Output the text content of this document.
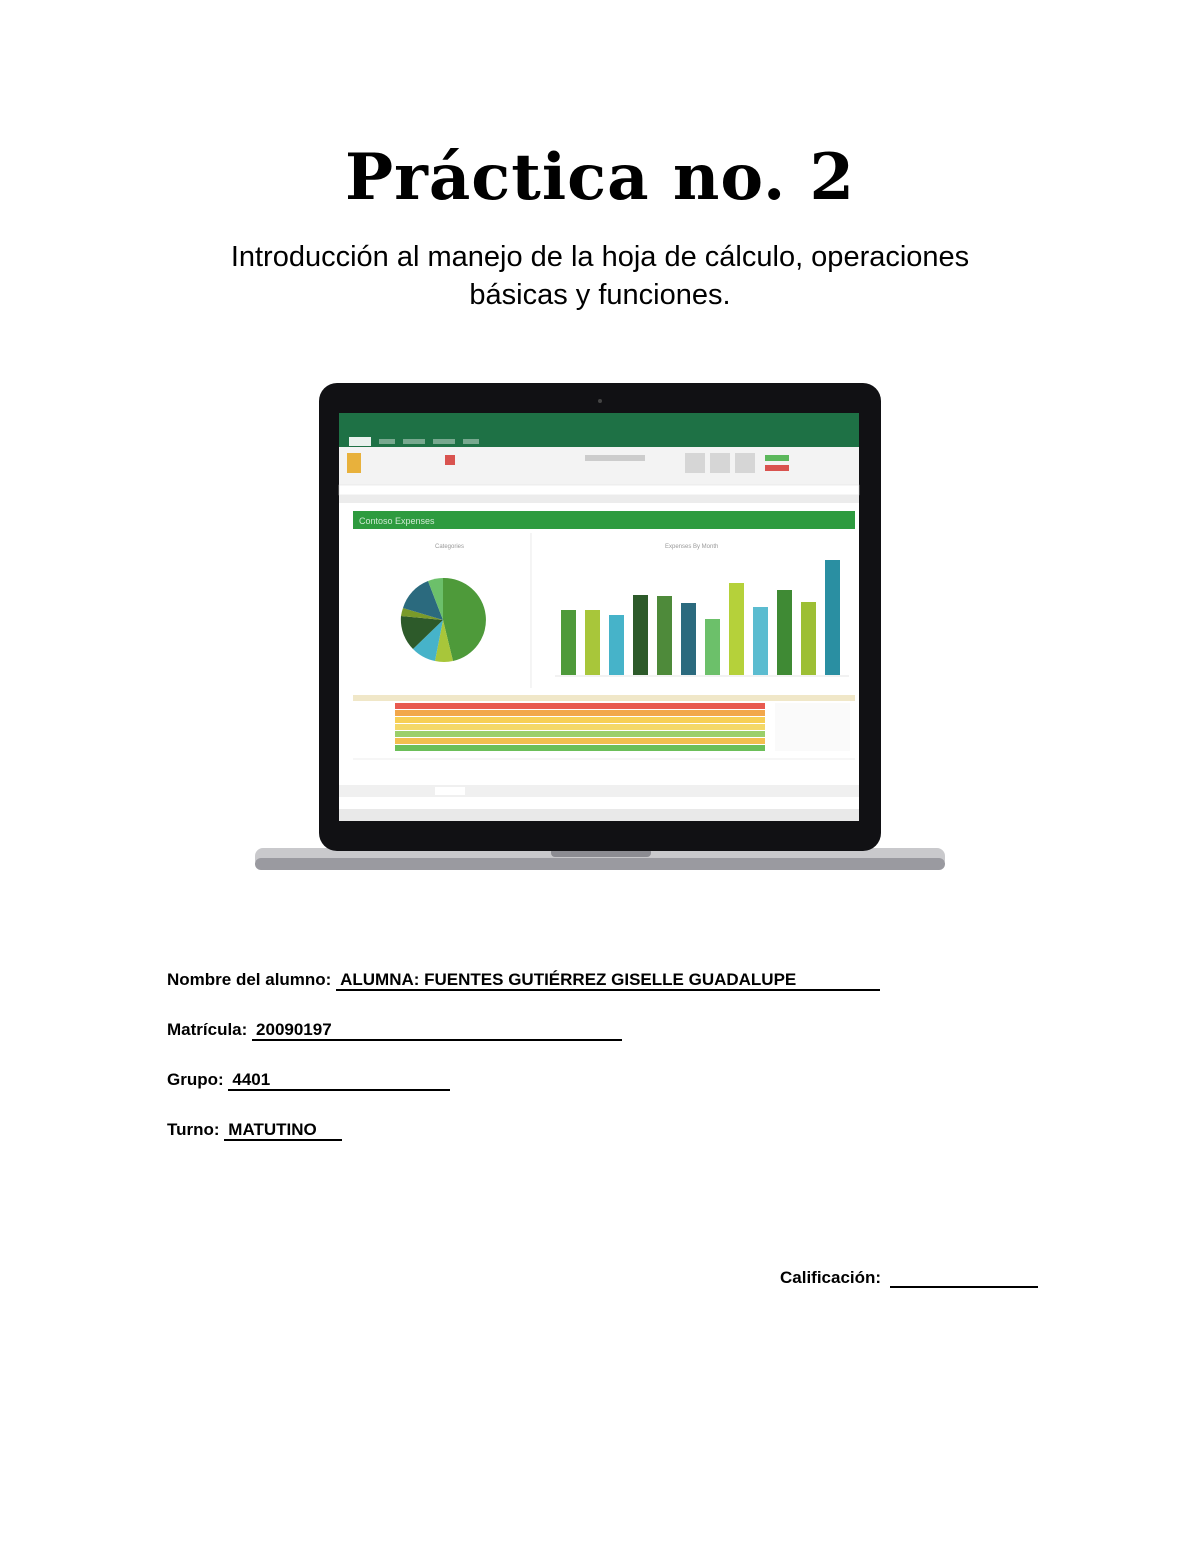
Práctica no. 2
Introducción al manejo de la hoja de cálculo, operaciones
básicas y funciones.
Contoso Expenses
Categories	Expenses By Month
Nombre del alumno: ALUMNA: FUENTES GUTIÉRREZ GISELLE GUADALUPE
Matrícula: 20090197
Grupo: 4401
Turno: MATUTINO
Calificación:
